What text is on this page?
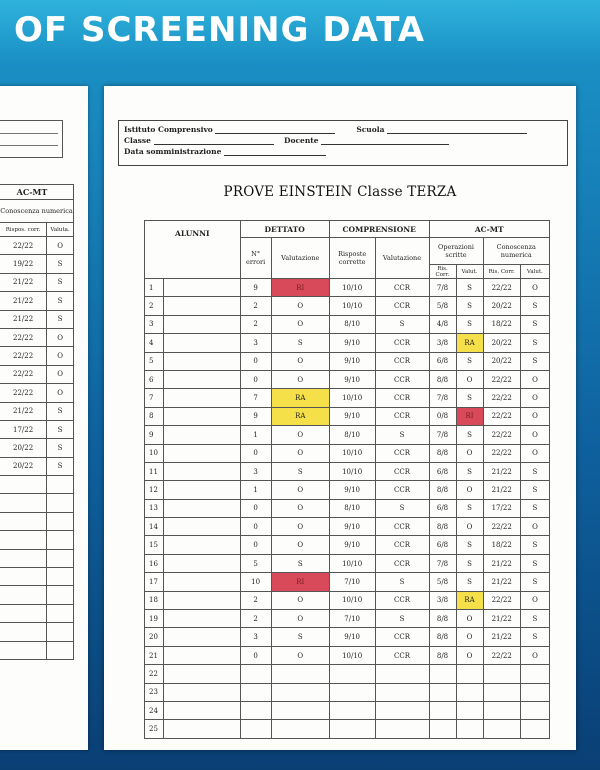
OF SCREENING DATA
AC-MT		
	Conoscenza numerica	
	Rispos. corr.	Valuta.
	22/22	O
	19/22	S
	21/22	S
	21/22	S
	21/22	S
	22/22	O
	22/22	O
	22/22	O
	22/22	O
	21/22	S
	17/22	S
	20/22	S
	20/22	S

Istituto Comprensivo	Scuola
Classe	Docente
Data somministrazione
PROVE EINSTEIN Classe TERZA
ALUNNI		DETTATO		COMPRENSIONE		AC-MT			
		N° errori	Valutazione	Risposte corrette	Valutazione	Operazioni scritte		Conoscenza numerica	
						Ris. Corr.	Valut.	Ris. Corr.	Valut.
1		9	RI	10/10	CCR	7/8	S	22/22	O
2		2	O	10/10	CCR	5/8	S	20/22	S
3		2	O	8/10	S	4/8	S	18/22	S
4		3	S	9/10	CCR	3/8	RA	20/22	S
5		0	O	9/10	CCR	6/8	S	20/22	S
6		0	O	9/10	CCR	8/8	O	22/22	O
7		7	RA	10/10	CCR	7/8	S	22/22	O
8		9	RA	9/10	CCR	0/8	RI	22/22	O
9		1	O	8/10	S	7/8	S	22/22	O
10		0	O	10/10	CCR	8/8	O	22/22	O
11		3	S	10/10	CCR	6/8	S	21/22	S
12		1	O	9/10	CCR	8/8	O	21/22	S
13		0	O	8/10	S	6/8	S	17/22	S
14		0	O	9/10	CCR	8/8	O	22/22	O
15		0	O	9/10	CCR	6/8	S	18/22	S
16		5	S	10/10	CCR	7/8	S	21/22	S
17		10	RI	7/10	S	5/8	S	21/22	S
18		2	O	10/10	CCR	3/8	RA	22/22	O
19		2	O	7/10	S	8/8	O	21/22	S
20		3	S	9/10	CCR	8/8	O	21/22	S
21		0	O	10/10	CCR	8/8	O	22/22	O
22									
23									
24									
25									
